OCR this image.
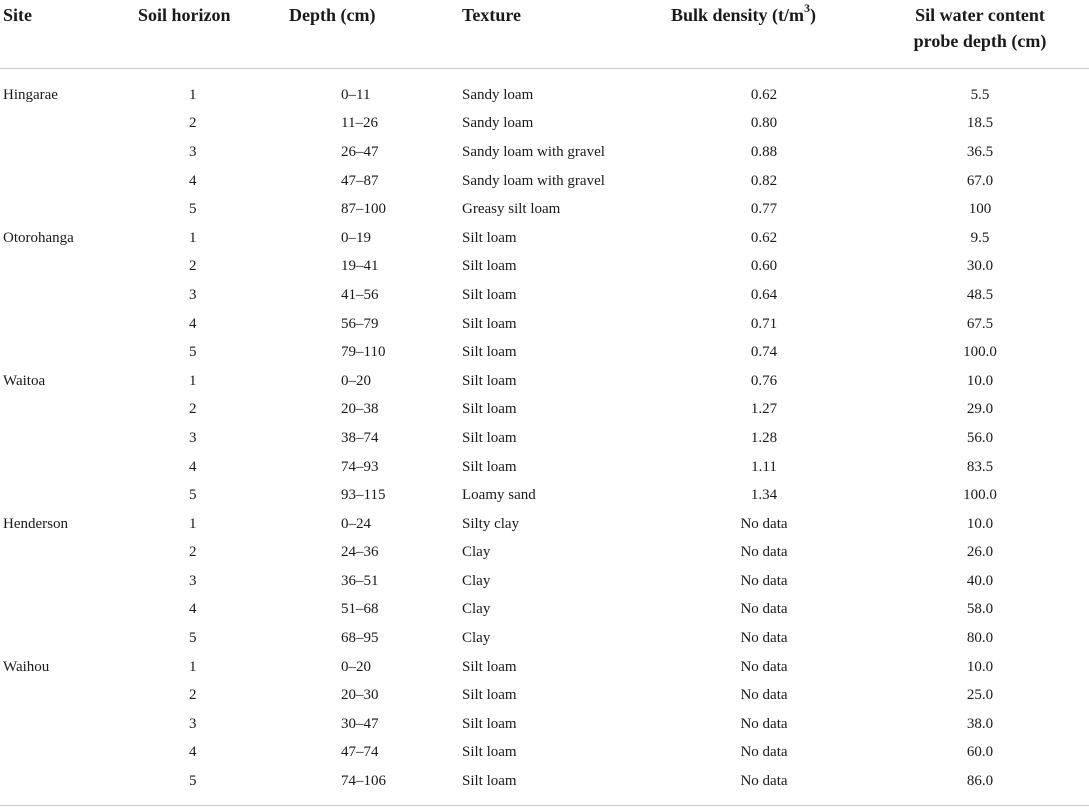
Site	Soil horizon	Depth (cm)	Texture	Bulk density $(t/m^3)$	Sil water content
probe depth (cm)

Hingarae	1	0–11	Sandy loam	0.62	5.5
	2	11–26	Sandy loam	0.80	18.5
	3	26–47	Sandy loam with gravel	0.88	36.5
	4	47–87	Sandy loam with gravel	0.82	67.0
	5	87–100	Greasy silt loam	0.77	100
Otorohanga	1	0–19	Silt loam	0.62	9.5
	2	19–41	Silt loam	0.60	30.0
	3	41–56	Silt loam	0.64	48.5
	4	56–79	Silt loam	0.71	67.5
	5	79–110	Silt loam	0.74	100.0
Waitoa	1	0–20	Silt loam	0.76	10.0
	2	20–38	Silt loam	1.27	29.0
	3	38–74	Silt loam	1.28	56.0
	4	74–93	Silt loam	1.11	83.5
	5	93–115	Loamy sand	1.34	100.0
Henderson	1	0–24	Silty clay	No data	10.0
	2	24–36	Clay	No data	26.0
	3	36–51	Clay	No data	40.0
	4	51–68	Clay	No data	58.0
	5	68–95	Clay	No data	80.0
Waihou	1	0–20	Silt loam	No data	10.0
	2	20–30	Silt loam	No data	25.0
	3	30–47	Silt loam	No data	38.0
	4	47–74	Silt loam	No data	60.0
	5	74–106	Silt loam	No data	86.0
